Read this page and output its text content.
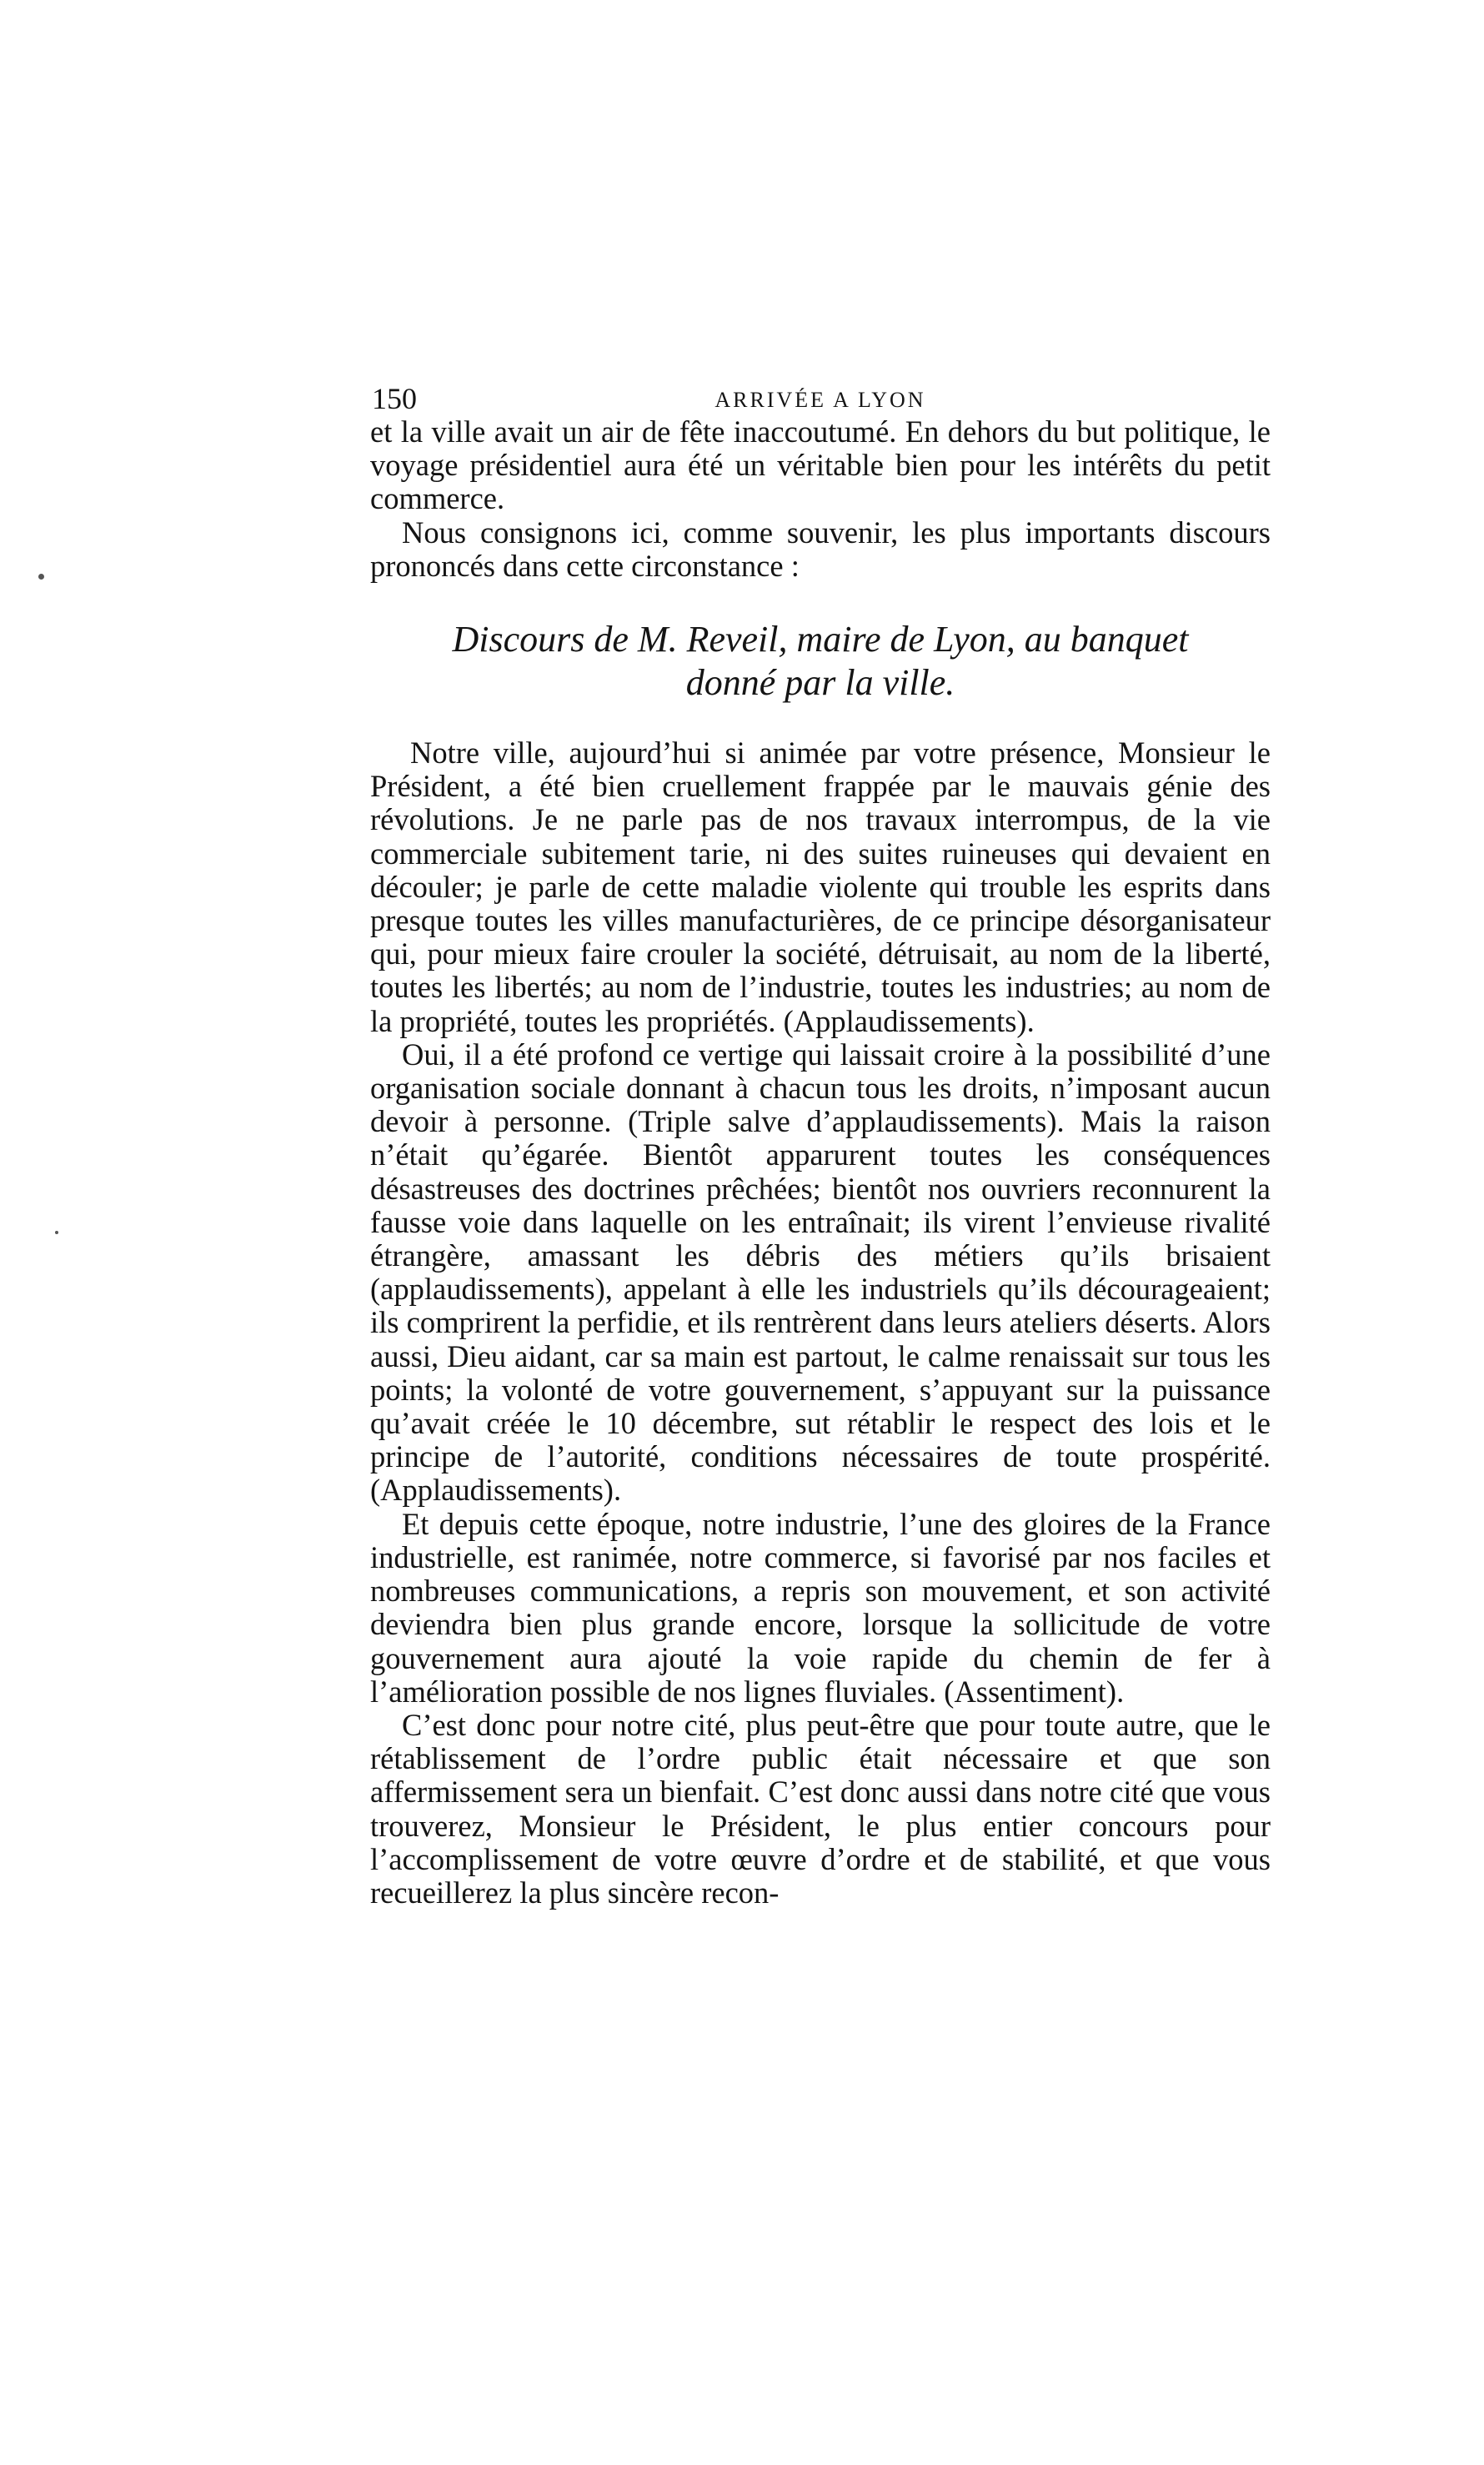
150	ARRIVÉE A LYON

et la ville avait un air de fête inaccoutumé. En dehors du but politique, le voyage présidentiel aura été un véritable bien pour les intérêts du petit commerce.

Nous consignons ici, comme souvenir, les plus importants discours prononcés dans cette circonstance :

Discours de M. Reveil, maire de Lyon, au banquet
donné par la ville.

Notre ville, aujourd’hui si animée par votre présence, Monsieur le Président, a été bien cruellement frappée par le mauvais génie des révolutions. Je ne parle pas de nos travaux interrompus, de la vie commerciale subitement tarie, ni des suites ruineuses qui devaient en découler; je parle de cette maladie violente qui trouble les esprits dans presque toutes les villes manufacturières, de ce principe désorganisateur qui, pour mieux faire crouler la société, détruisait, au nom de la liberté, toutes les libertés; au nom de l’industrie, toutes les industries; au nom de la propriété, toutes les propriétés. (Applaudissements).

Oui, il a été profond ce vertige qui laissait croire à la possibilité d’une organisation sociale donnant à chacun tous les droits, n’imposant aucun devoir à personne. (Triple salve d’applaudissements). Mais la raison n’était qu’égarée. Bientôt apparurent toutes les conséquences désastreuses des doctrines prêchées; bientôt nos ouvriers reconnurent la fausse voie dans laquelle on les entraînait; ils virent l’envieuse rivalité étrangère, amassant les débris des métiers qu’ils brisaient (applaudissements), appelant à elle les industriels qu’ils décourageaient; ils comprirent la perfidie, et ils rentrèrent dans leurs ateliers déserts. Alors aussi, Dieu aidant, car sa main est partout, le calme renaissait sur tous les points; la volonté de votre gouvernement, s’appuyant sur la puissance qu’avait créée le 10 décembre, sut rétablir le respect des lois et le principe de l’autorité, conditions nécessaires de toute prospérité. (Applaudissements).

Et depuis cette époque, notre industrie, l’une des gloires de la France industrielle, est ranimée, notre commerce, si favorisé par nos faciles et nombreuses communications, a repris son mouvement, et son activité deviendra bien plus grande encore, lorsque la sollicitude de votre gouvernement aura ajouté la voie rapide du chemin de fer à l’amélioration possible de nos lignes fluviales. (Assentiment).

C’est donc pour notre cité, plus peut-être que pour toute autre, que le rétablissement de l’ordre public était nécessaire et que son affermissement sera un bienfait. C’est donc aussi dans notre cité que vous trouverez, Monsieur le Président, le plus entier concours pour l’accomplissement de votre œuvre d’ordre et de stabilité, et que vous recueillerez la plus sincère recon-
